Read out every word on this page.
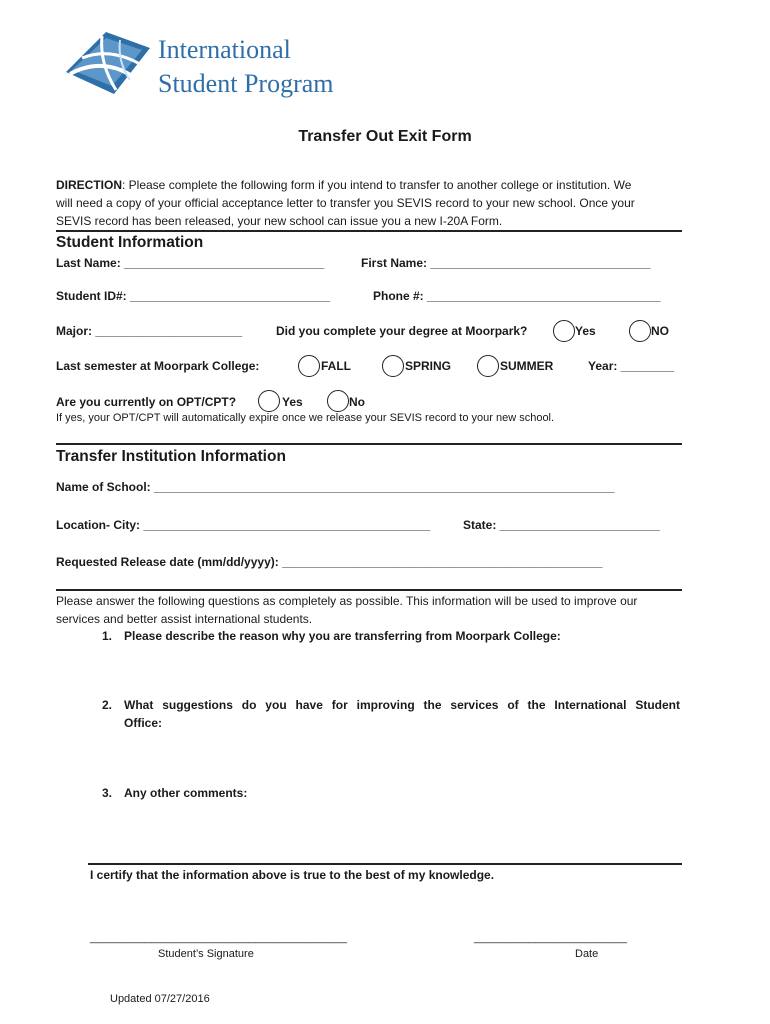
International
Student Program
Transfer Out Exit Form
DIRECTION: Please complete the following form if you intend to transfer to another college or institution. We
will need a copy of your official acceptance letter to transfer you SEVIS record to your new school. Once your
SEVIS record has been released, your new school can issue you a new I-20A Form.
Student Information
Last Name: ______________________________	First Name: _________________________________
Student ID#: ______________________________	Phone #: ___________________________________
Major: ______________________	Did you complete your degree at Moorpark?	Yes	NO
Last semester at Moorpark College:	FALL	SPRING	SUMMER	Year: ________
Are you currently on OPT/CPT?	Yes	No
If yes, your OPT/CPT will automatically expire once we release your SEVIS record to your new school.
Transfer Institution Information
Name of School: _____________________________________________________________________
Location- City: ___________________________________________	State: ________________________
Requested Release date (mm/dd/yyyy): ________________________________________________
Please answer the following questions as completely as possible. This information will be used to improve our
services and better assist international students.
1. Please describe the reason why you are transferring from Moorpark College:
2. What suggestions do you have for improving the services of the International Student
Office:
3. Any other comments:
I certify that the information above is true to the best of my knowledge.
__________________________________________
Student’s Signature
_________________________
Date
Updated 07/27/2016
